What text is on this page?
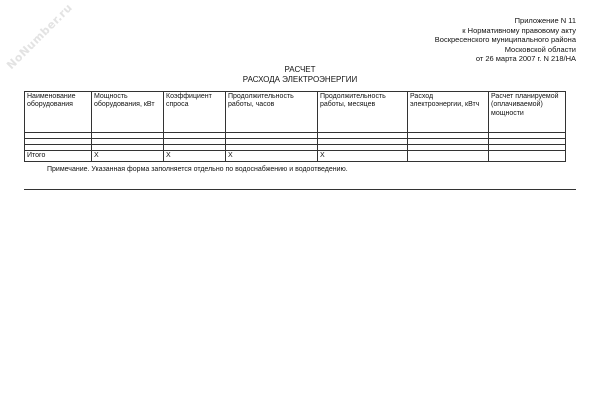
NoNumber.ru	Приложение N 11
к Нормативному правовому акту
Воскресенского муниципального района
Московской области
от 26 марта 2007 г. N 218/НА
РАСЧЕТ
РАСХОДА ЭЛЕКТРОЭНЕРГИИ
Наименование оборудования	Мощность оборудования, кВт	Коэффициент спроса	Продолжительность работы, часов	Продолжительность работы, месяцев	Расход электроэнергии, кВтч	Расчет планируемой (оплачиваемой) мощности

Итого	X	X	X	X		
Примечание. Указанная форма заполняется отдельно по водоснабжению и водоотведению.
